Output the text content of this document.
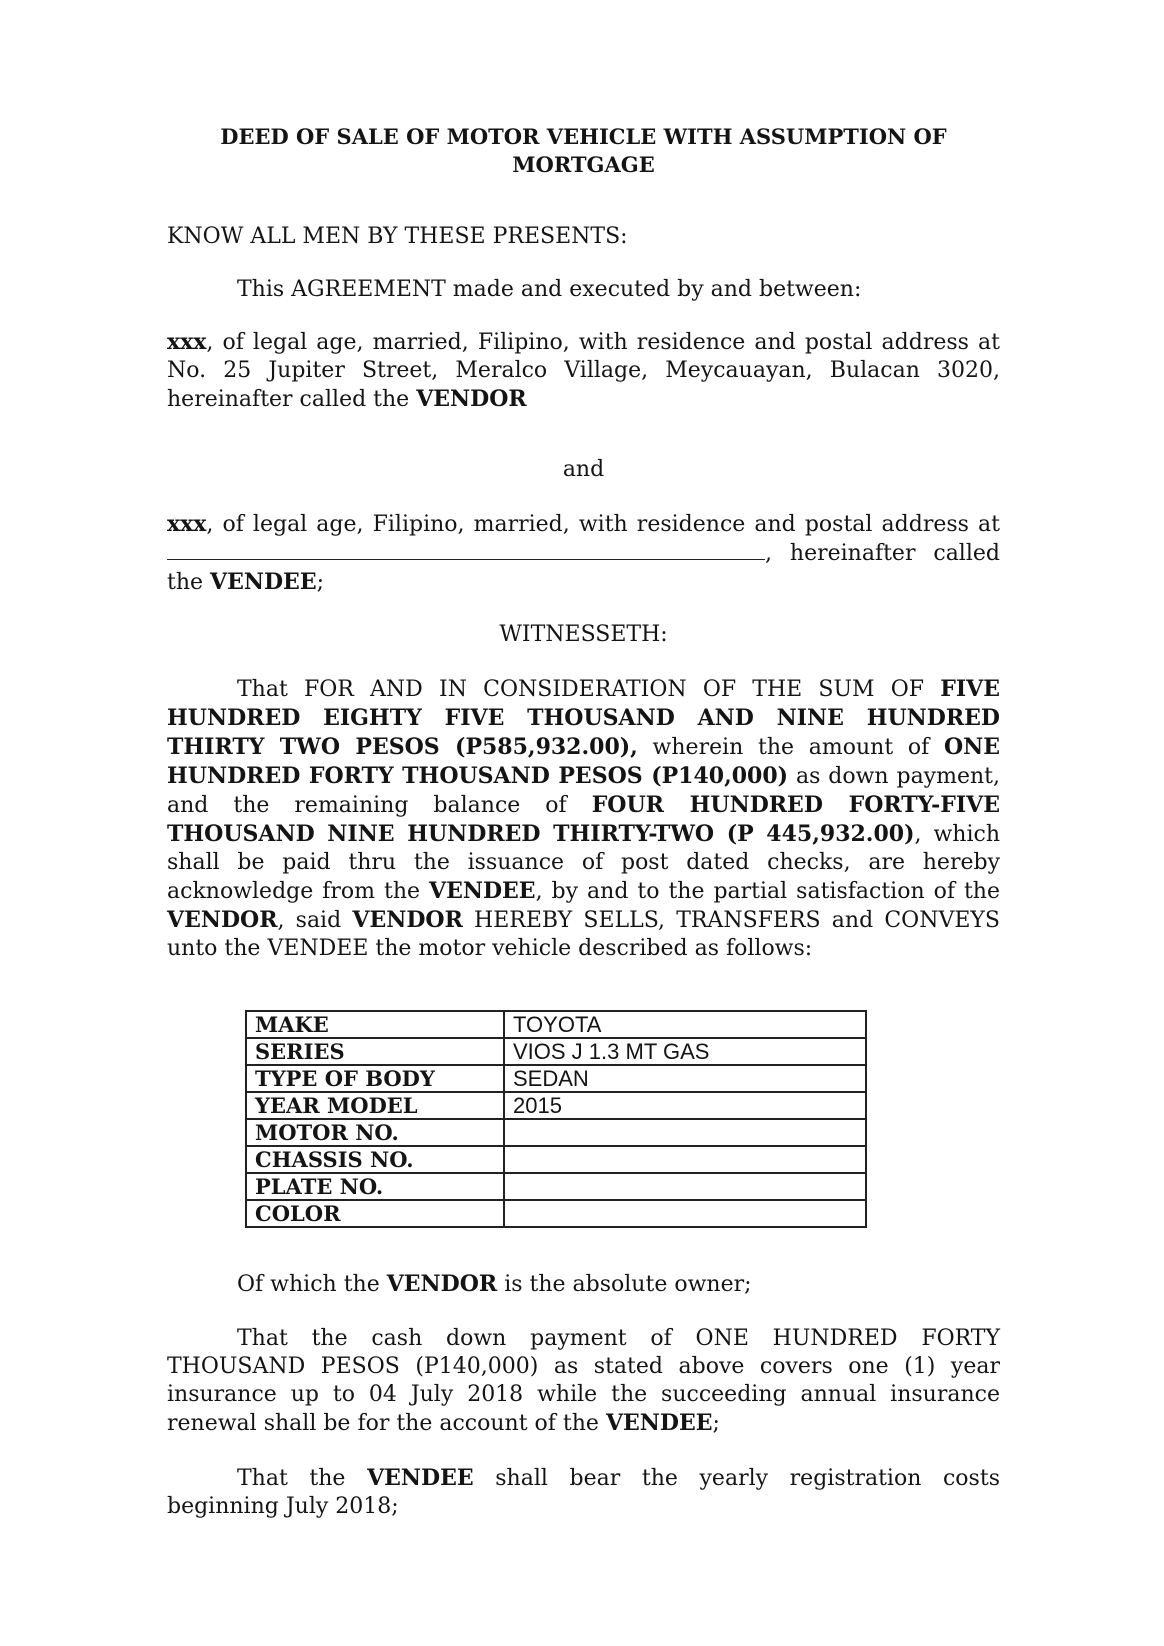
DEED OF SALE OF MOTOR VEHICLE WITH ASSUMPTION OF
MORTGAGE
KNOW ALL MEN BY THESE PRESENTS:
This AGREEMENT made and executed by and between:
xxx, of legal age, married, Filipino, with residence and postal address at No. 25 Jupiter Street, Meralco Village, Meycauayan, Bulacan 3020, hereinafter called the VENDOR
and
xxx, of legal age, Filipino, married, with residence and postal address at
, hereinafter called
the VENDEE;
WITNESSETH:
That FOR AND IN CONSIDERATION OF THE SUM OF FIVE HUNDRED EIGHTY FIVE THOUSAND AND NINE HUNDRED THIRTY TWO PESOS (P585,932.00), wherein the amount of ONE HUNDRED FORTY THOUSAND PESOS (P140,000) as down payment, and the remaining balance of FOUR HUNDRED FORTY-FIVE THOUSAND NINE HUNDRED THIRTY-TWO (P 445,932.00), which shall be paid thru the issuance of post dated checks, are hereby acknowledge from the VENDEE, by and to the partial satisfaction of the VENDOR, said VENDOR HEREBY SELLS, TRANSFERS and CONVEYS unto the VENDEE the motor vehicle described as follows:
MAKE	TOYOTA
SERIES	VIOS J 1.3 MT GAS
TYPE OF BODY	SEDAN
YEAR MODEL	2015
MOTOR NO.	
CHASSIS NO.	
PLATE NO.	
COLOR	
Of which the VENDOR is the absolute owner;
That the cash down payment of ONE HUNDRED FORTY THOUSAND PESOS (P140,000) as stated above covers one (1) year insurance up to 04 July 2018 while the succeeding annual insurance renewal shall be for the account of the VENDEE;
That the VENDEE shall bear the yearly registration costs beginning July 2018;
